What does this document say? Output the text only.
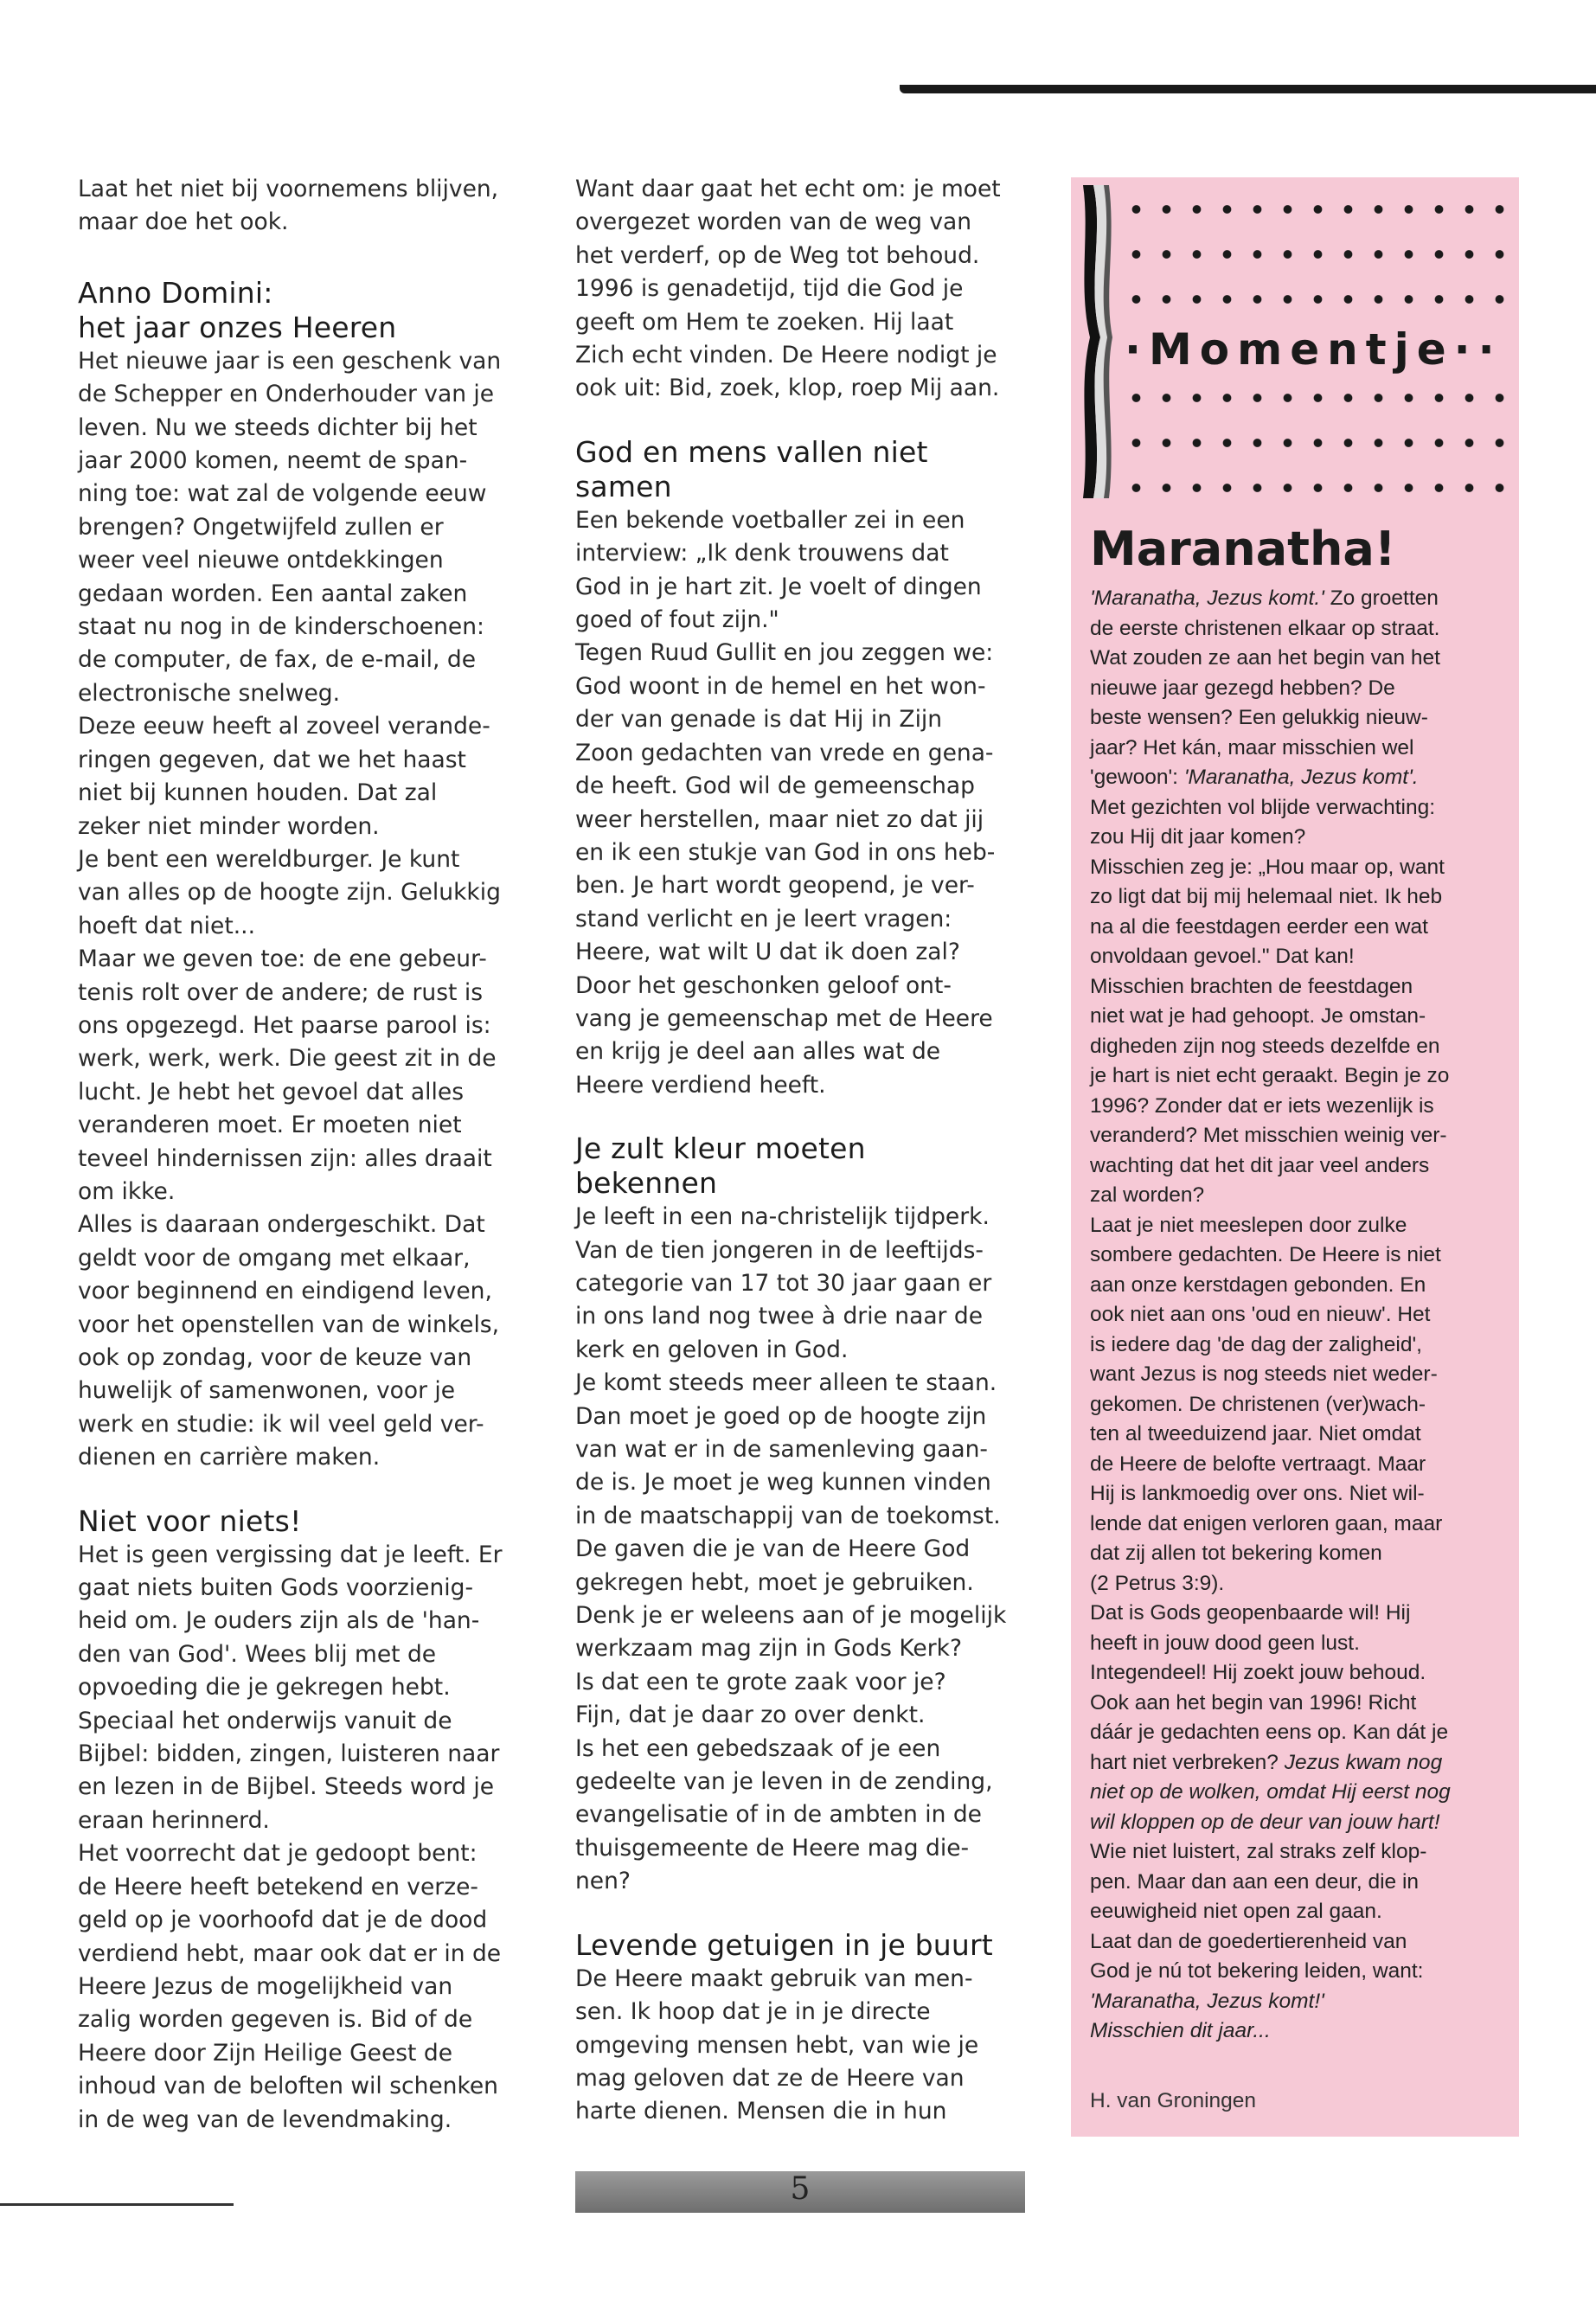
Laat het niet bij voornemens blijven,
maar doe het ook.
Anno Domini:
het jaar onzes Heeren
Het nieuwe jaar is een geschenk van
de Schepper en Onderhouder van je
leven. Nu we steeds dichter bij het
jaar 2000 komen, neemt de span-
ning toe: wat zal de volgende eeuw
brengen? Ongetwijfeld zullen er
weer veel nieuwe ontdekkingen
gedaan worden. Een aantal zaken
staat nu nog in de kinderschoenen:
de computer, de fax, de e-mail, de
electronische snelweg.
Deze eeuw heeft al zoveel verande-
ringen gegeven, dat we het haast
niet bij kunnen houden. Dat zal
zeker niet minder worden.
Je bent een wereldburger. Je kunt
van alles op de hoogte zijn. Gelukkig
hoeft dat niet...
Maar we geven toe: de ene gebeur-
tenis rolt over de andere; de rust is
ons opgezegd. Het paarse parool is:
werk, werk, werk. Die geest zit in de
lucht. Je hebt het gevoel dat alles
veranderen moet. Er moeten niet
teveel hindernissen zijn: alles draait
om ikke.
Alles is daaraan ondergeschikt. Dat
geldt voor de omgang met elkaar,
voor beginnend en eindigend leven,
voor het openstellen van de winkels,
ook op zondag, voor de keuze van
huwelijk of samenwonen, voor je
werk en studie: ik wil veel geld ver-
dienen en carrière maken.
Niet voor niets!
Het is geen vergissing dat je leeft. Er
gaat niets buiten Gods voorzienig-
heid om. Je ouders zijn als de 'han-
den van God'. Wees blij met de
opvoeding die je gekregen hebt.
Speciaal het onderwijs vanuit de
Bijbel: bidden, zingen, luisteren naar
en lezen in de Bijbel. Steeds word je
eraan herinnerd.
Het voorrecht dat je gedoopt bent:
de Heere heeft betekend en verze-
geld op je voorhoofd dat je de dood
verdiend hebt, maar ook dat er in de
Heere Jezus de mogelijkheid van
zalig worden gegeven is. Bid of de
Heere door Zijn Heilige Geest de
inhoud van de beloften wil schenken
in de weg van de levendmaking.
Want daar gaat het echt om: je moet
overgezet worden van de weg van
het verderf, op de Weg tot behoud.
1996 is genadetijd, tijd die God je
geeft om Hem te zoeken. Hij laat
Zich echt vinden. De Heere nodigt je
ook uit: Bid, zoek, klop, roep Mij aan.
God en mens vallen niet
samen
Een bekende voetballer zei in een
interview: „Ik denk trouwens dat
God in je hart zit. Je voelt of dingen
goed of fout zijn."
Tegen Ruud Gullit en jou zeggen we:
God woont in de hemel en het won-
der van genade is dat Hij in Zijn
Zoon gedachten van vrede en gena-
de heeft. God wil de gemeenschap
weer herstellen, maar niet zo dat jij
en ik een stukje van God in ons heb-
ben. Je hart wordt geopend, je ver-
stand verlicht en je leert vragen:
Heere, wat wilt U dat ik doen zal?
Door het geschonken geloof ont-
vang je gemeenschap met de Heere
en krijg je deel aan alles wat de
Heere verdiend heeft.
Je zult kleur moeten
bekennen
Je leeft in een na-christelijk tijdperk.
Van de tien jongeren in de leeftijds-
categorie van 17 tot 30 jaar gaan er
in ons land nog twee à drie naar de
kerk en geloven in God.
Je komt steeds meer alleen te staan.
Dan moet je goed op de hoogte zijn
van wat er in de samenleving gaan-
de is. Je moet je weg kunnen vinden
in de maatschappij van de toekomst.
De gaven die je van de Heere God
gekregen hebt, moet je gebruiken.
Denk je er weleens aan of je mogelijk
werkzaam mag zijn in Gods Kerk?
Is dat een te grote zaak voor je?
Fijn, dat je daar zo over denkt.
Is het een gebedszaak of je een
gedeelte van je leven in de zending,
evangelisatie of in de ambten in de
thuisgemeente de Heere mag die-
nen?
Levende getuigen in je buurt
De Heere maakt gebruik van men-
sen. Ik hoop dat je in je directe
omgeving mensen hebt, van wie je
mag geloven dat ze de Heere van
harte dienen. Mensen die in hun
·Momentje··
Maranatha!
'Maranatha, Jezus komt.' Zo groetten
de eerste christenen elkaar op straat.
Wat zouden ze aan het begin van het
nieuwe jaar gezegd hebben? De
beste wensen? Een gelukkig nieuw-
jaar? Het kán, maar misschien wel
'gewoon': 'Maranatha, Jezus komt'.
Met gezichten vol blijde verwachting:
zou Hij dit jaar komen?
Misschien zeg je: „Hou maar op, want
zo ligt dat bij mij helemaal niet. Ik heb
na al die feestdagen eerder een wat
onvoldaan gevoel." Dat kan!
Misschien brachten de feestdagen
niet wat je had gehoopt. Je omstan-
digheden zijn nog steeds dezelfde en
je hart is niet echt geraakt. Begin je zo
1996? Zonder dat er iets wezenlijk is
veranderd? Met misschien weinig ver-
wachting dat het dit jaar veel anders
zal worden?
Laat je niet meeslepen door zulke
sombere gedachten. De Heere is niet
aan onze kerstdagen gebonden. En
ook niet aan ons 'oud en nieuw'. Het
is iedere dag 'de dag der zaligheid',
want Jezus is nog steeds niet weder-
gekomen. De christenen (ver)wach-
ten al tweeduizend jaar. Niet omdat
de Heere de belofte vertraagt. Maar
Hij is lankmoedig over ons. Niet wil-
lende dat enigen verloren gaan, maar
dat zij allen tot bekering komen
(2 Petrus 3:9).
Dat is Gods geopenbaarde wil! Hij
heeft in jouw dood geen lust.
Integendeel! Hij zoekt jouw behoud.
Ook aan het begin van 1996! Richt
dáár je gedachten eens op. Kan dát je
hart niet verbreken? Jezus kwam nog
niet op de wolken, omdat Hij eerst nog
wil kloppen op de deur van jouw hart!
Wie niet luistert, zal straks zelf klop-
pen. Maar dan aan een deur, die in
eeuwigheid niet open zal gaan.
Laat dan de goedertierenheid van
God je nú tot bekering leiden, want:
'Maranatha, Jezus komt!'
Misschien dit jaar...
H. van Groningen
5
